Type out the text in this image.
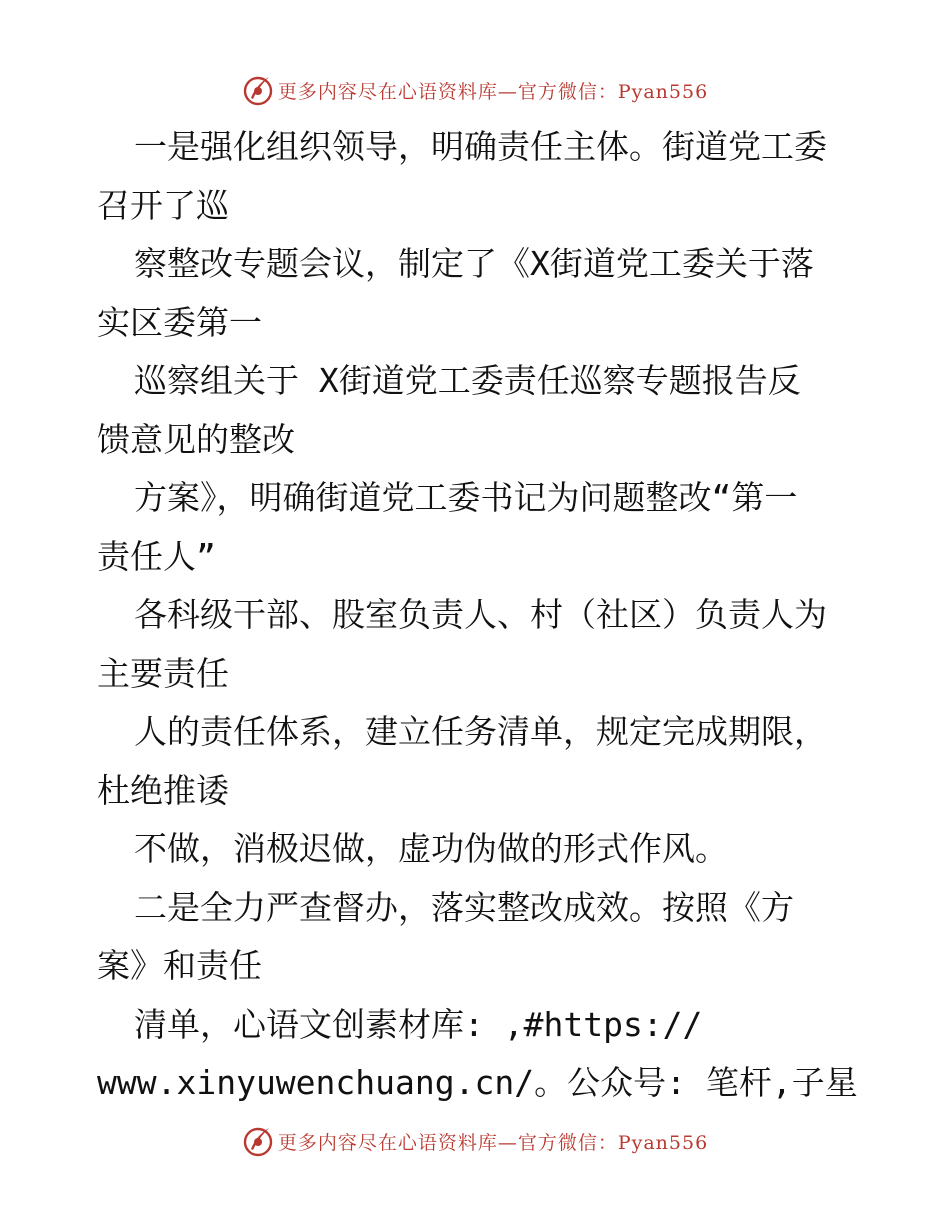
更多内容尽在心语资料库—官方微信：Pyan556
一是强化组织领导，明确责任主体。街道党工委
召开了巡
察整改专题会议，制定了《X街道党工委关于落
实区委第一
巡察组关于 X街道党工委责任巡察专题报告反
馈意见的整改
方案》，明确街道党工委书记为问题整改“第一
责任人”
各科级干部、股室负责人、村（社区）负责人为
主要责任
人的责任体系，建立任务清单，规定完成期限，
杜绝推诿
不做，消极迟做，虚功伪做的形式作风。
二是全力严查督办，落实整改成效。按照《方
案》和责任
清单，心语文创素材库: ,#https://
www.xinyuwenchuang.cn/。公众号: 笔杆,子星
更多内容尽在心语资料库—官方微信：Pyan556
